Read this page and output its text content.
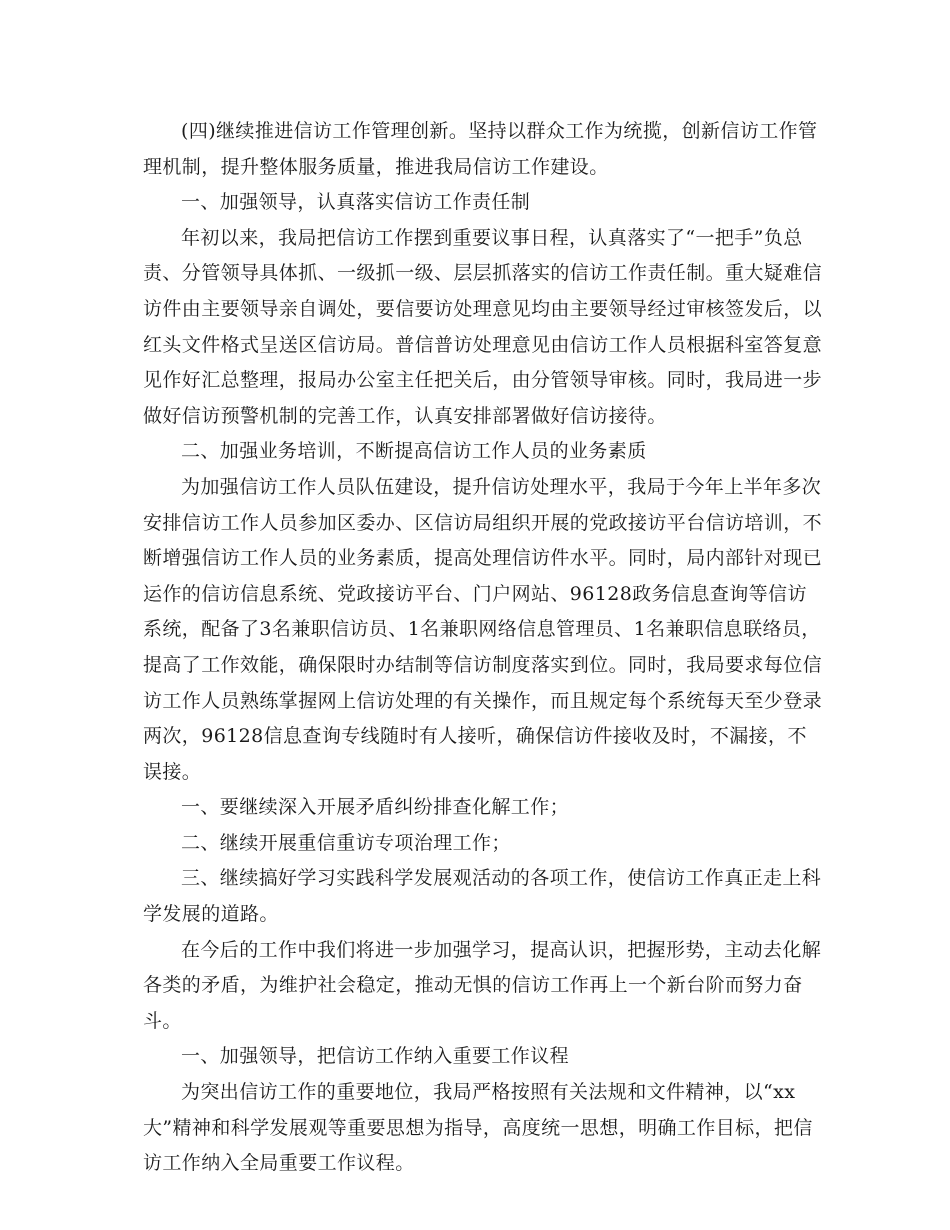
(四)继续推进信访工作管理创新。坚持以群众工作为统揽，创新信访工作管理机制，提升整体服务质量，推进我局信访工作建设。

一、加强领导，认真落实信访工作责任制

年初以来，我局把信访工作摆到重要议事日程，认真落实了“一把手”负总责、分管领导具体抓、一级抓一级、层层抓落实的信访工作责任制。重大疑难信访件由主要领导亲自调处，要信要访处理意见均由主要领导经过审核签发后，以红头文件格式呈送区信访局。普信普访处理意见由信访工作人员根据科室答复意见作好汇总整理，报局办公室主任把关后，由分管领导审核。同时，我局进一步做好信访预警机制的完善工作，认真安排部署做好信访接待。

二、加强业务培训，不断提高信访工作人员的业务素质

为加强信访工作人员队伍建设，提升信访处理水平，我局于今年上半年多次安排信访工作人员参加区委办、区信访局组织开展的党政接访平台信访培训，不断增强信访工作人员的业务素质，提高处理信访件水平。同时，局内部针对现已运作的信访信息系统、党政接访平台、门户网站、96128政务信息查询等信访系统，配备了3名兼职信访员、1名兼职网络信息管理员、1名兼职信息联络员，提高了工作效能，确保限时办结制等信访制度落实到位。同时，我局要求每位信访工作人员熟练掌握网上信访处理的有关操作，而且规定每个系统每天至少登录两次，96128信息查询专线随时有人接听，确保信访件接收及时，不漏接，不误接。

一、要继续深入开展矛盾纠纷排查化解工作；

二、继续开展重信重访专项治理工作；

三、继续搞好学习实践科学发展观活动的各项工作，使信访工作真正走上科学发展的道路。

在今后的工作中我们将进一步加强学习，提高认识，把握形势，主动去化解各类的矛盾，为维护社会稳定，推动无惧的信访工作再上一个新台阶而努力奋斗。

一、加强领导，把信访工作纳入重要工作议程

为突出信访工作的重要地位，我局严格按照有关法规和文件精神，以“xx大”精神和科学发展观等重要思想为指导，高度统一思想，明确工作目标，把信访工作纳入全局重要工作议程。
